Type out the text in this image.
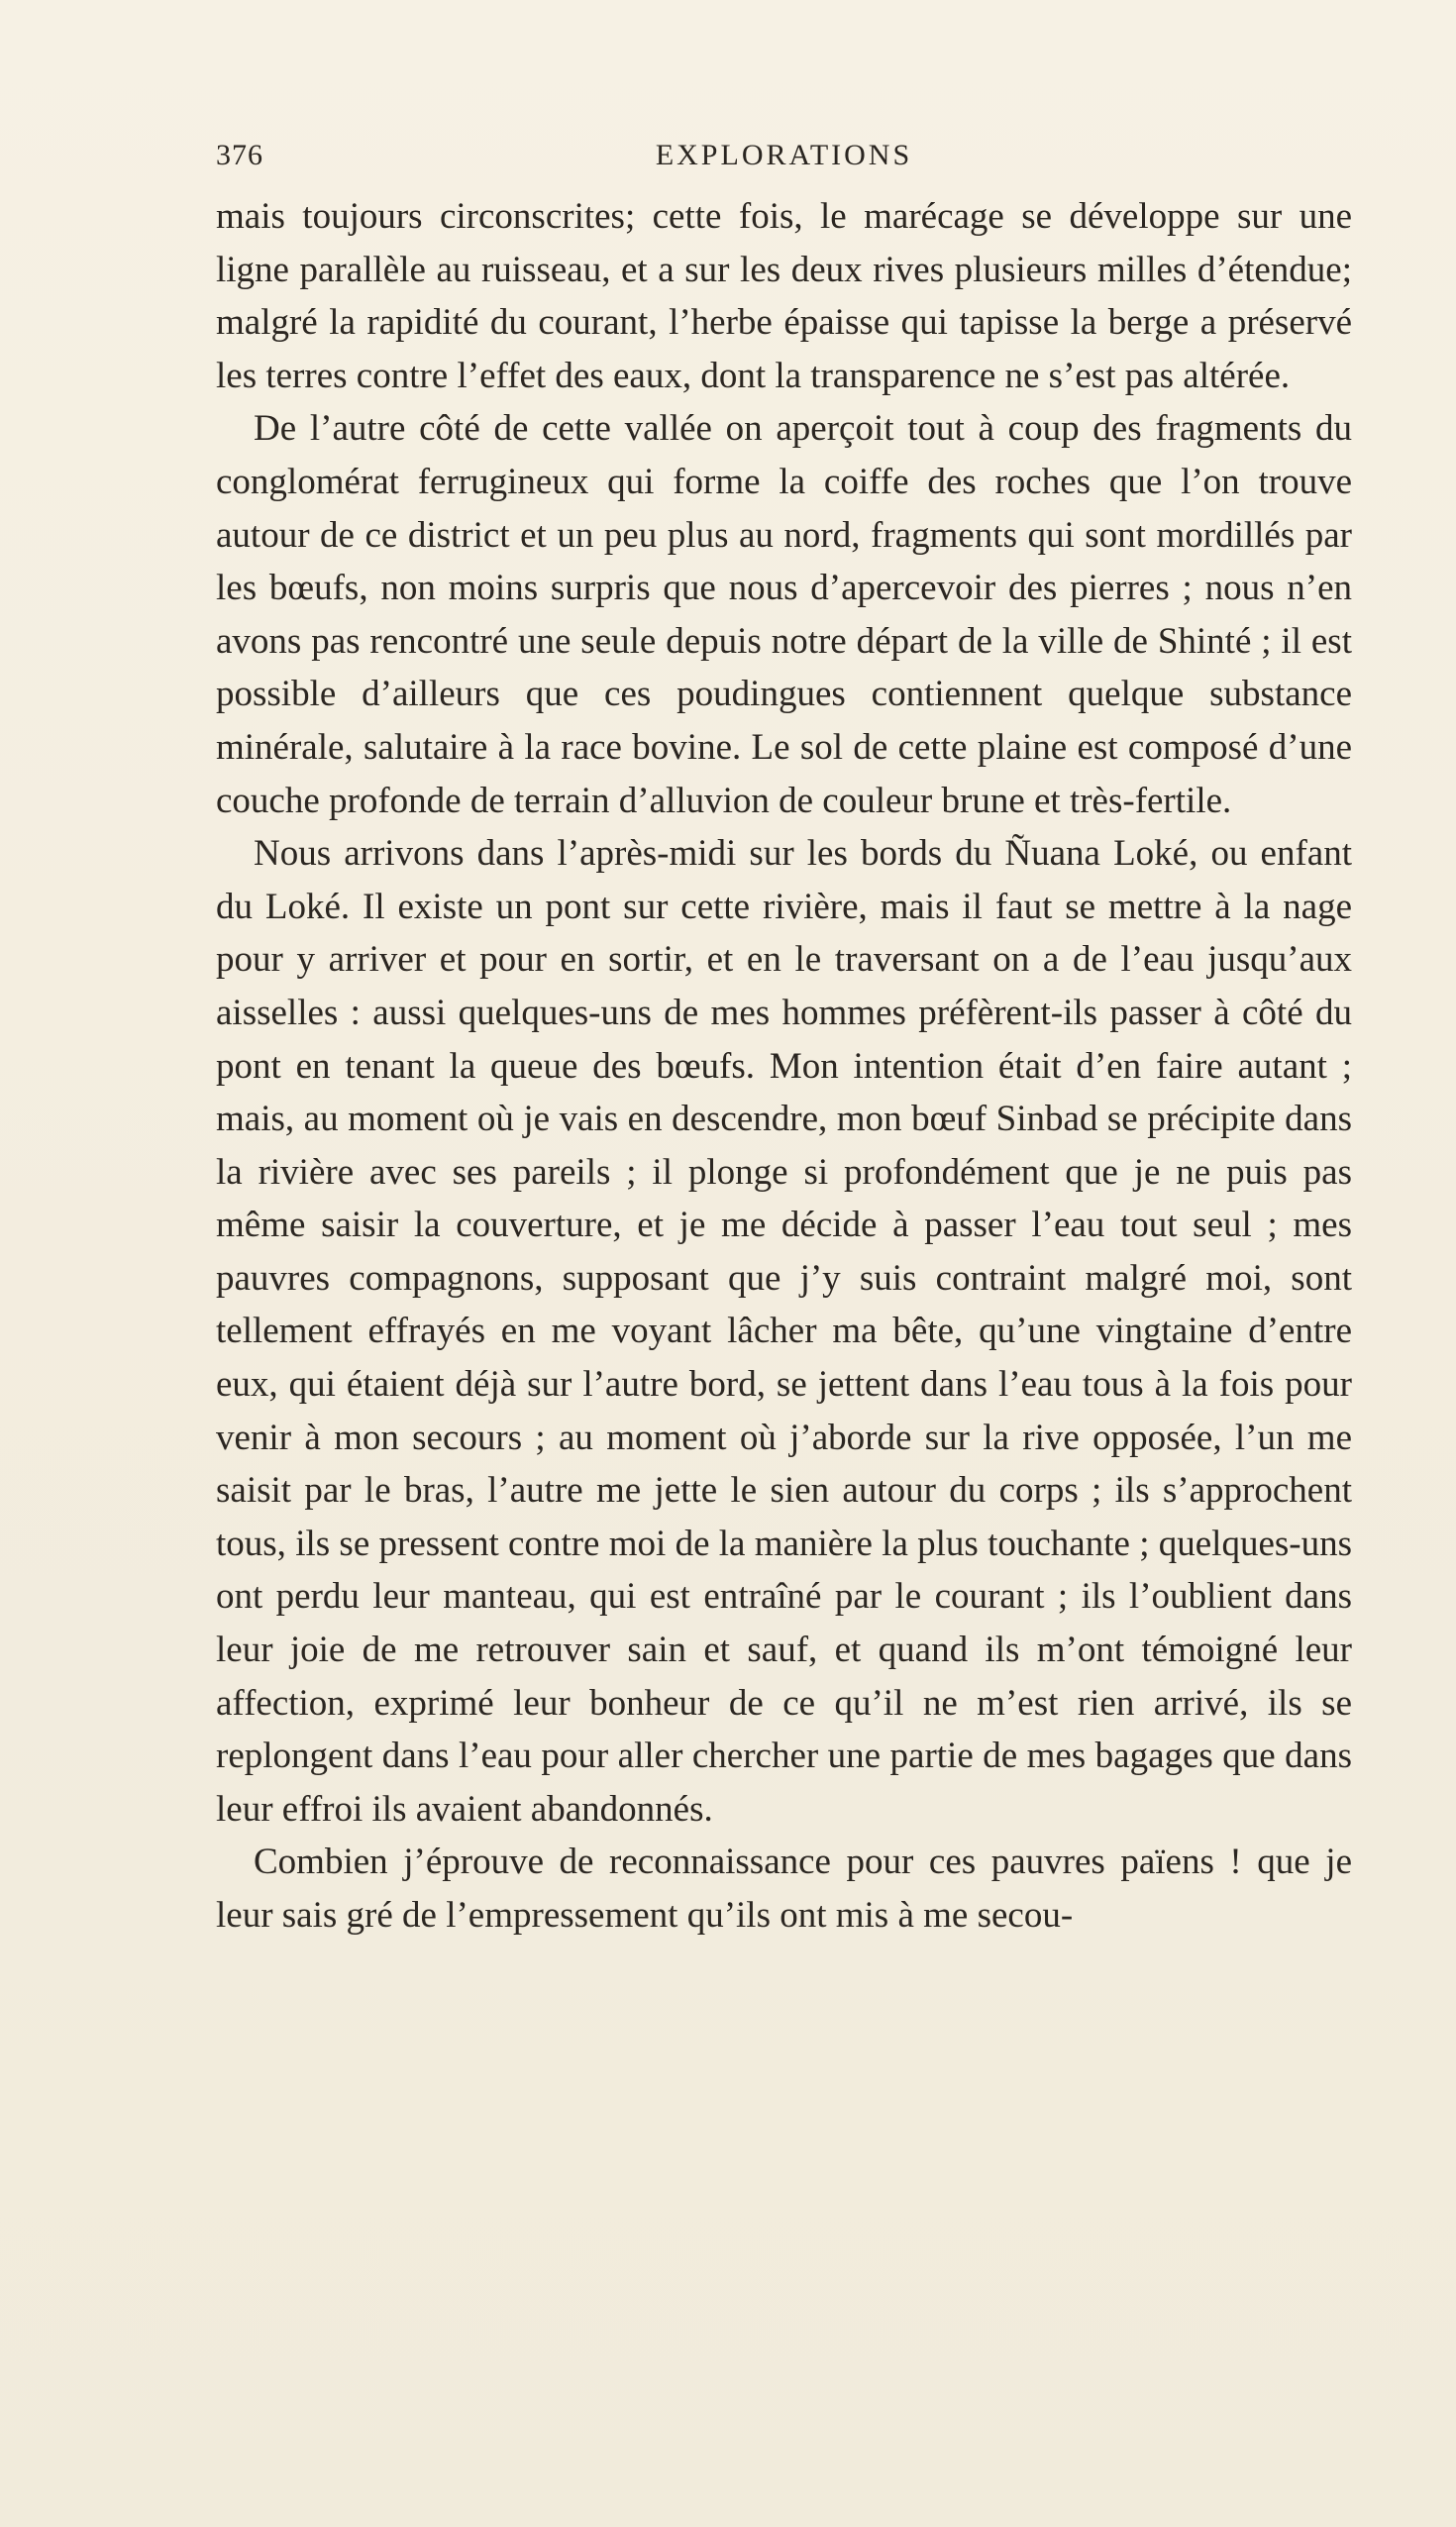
376	EXPLORATIONS

mais toujours circonscrites; cette fois, le marécage se développe sur une ligne parallèle au ruisseau, et a sur les deux rives plusieurs milles d’étendue; malgré la rapidité du courant, l’herbe épaisse qui tapisse la berge a préservé les terres contre l’effet des eaux, dont la transparence ne s’est pas altérée.

De l’autre côté de cette vallée on aperçoit tout à coup des fragments du conglomérat ferrugineux qui forme la coiffe des roches que l’on trouve autour de ce district et un peu plus au nord, fragments qui sont mordillés par les bœufs, non moins surpris que nous d’apercevoir des pierres ; nous n’en avons pas rencontré une seule depuis notre départ de la ville de Shinté ; il est possible d’ailleurs que ces poudingues contiennent quelque substance minérale, salutaire à la race bovine. Le sol de cette plaine est composé d’une couche profonde de terrain d’alluvion de couleur brune et très-fertile.

Nous arrivons dans l’après-midi sur les bords du Ñuana Loké, ou enfant du Loké. Il existe un pont sur cette rivière, mais il faut se mettre à la nage pour y arriver et pour en sortir, et en le traversant on a de l’eau jusqu’aux aisselles : aussi quelques-uns de mes hommes préfèrent-ils passer à côté du pont en tenant la queue des bœufs. Mon intention était d’en faire autant ; mais, au moment où je vais en descendre, mon bœuf Sinbad se précipite dans la rivière avec ses pareils ; il plonge si profondément que je ne puis pas même saisir la couverture, et je me décide à passer l’eau tout seul ; mes pauvres compagnons, supposant que j’y suis contraint malgré moi, sont tellement effrayés en me voyant lâcher ma bête, qu’une vingtaine d’entre eux, qui étaient déjà sur l’autre bord, se jettent dans l’eau tous à la fois pour venir à mon secours ; au moment où j’aborde sur la rive opposée, l’un me saisit par le bras, l’autre me jette le sien autour du corps ; ils s’approchent tous, ils se pressent contre moi de la manière la plus touchante ; quelques-uns ont perdu leur manteau, qui est entraîné par le courant ; ils l’oublient dans leur joie de me retrouver sain et sauf, et quand ils m’ont témoigné leur affection, exprimé leur bonheur de ce qu’il ne m’est rien arrivé, ils se replongent dans l’eau pour aller chercher une partie de mes bagages que dans leur effroi ils avaient abandonnés.

Combien j’éprouve de reconnaissance pour ces pauvres païens ! que je leur sais gré de l’empressement qu’ils ont mis à me secou-
